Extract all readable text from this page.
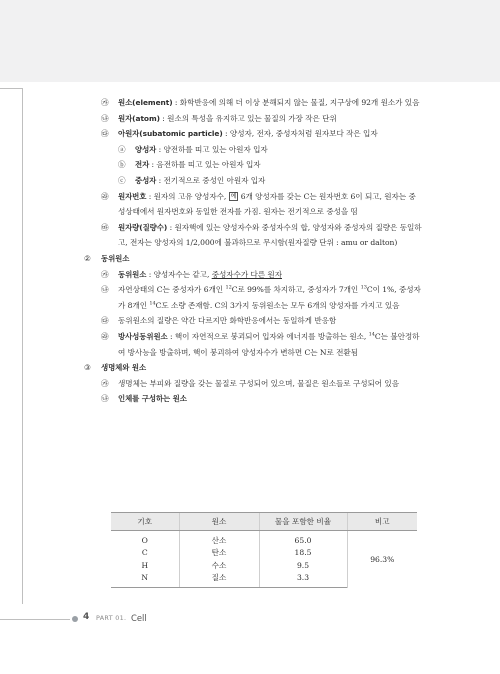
㉮	원소(element) : 화학반응에 의해 더 이상 분해되지 않는 물질, 지구상에 92개 원소가 있음
㉯	원자(atom) : 원소의 특성을 유지하고 있는 물질의 가장 작은 단위
㉰	아원자(subatomic particle) : 양성자, 전자, 중성자처럼 원자보다 작은 입자
ⓐ	양성자 : 양전하를 띠고 있는 아원자 입자
ⓑ	전자 : 음전하를 띠고 있는 아원자 입자
ⓒ	중성자 : 전기적으로 중성인 아원자 입자
㉱	원자번호 : 원자의 고유 양성자수, 예 6개 양성자를 갖는 C는 원자번호 6이 되고, 원자는 중성상태에서 원자번호와 동일한 전자를 가짐. 원자는 전기적으로 중성을 띰
㉲	원자량(질량수) : 원자핵에 있는 양성자수와 중성자수의 합, 양성자와 중성자의 질량은 동일하고, 전자는 양성자의 1/2,000에 불과하므로 무시함(원자질량 단위 : amu or dalton)
②	동위원소
㉮	동위원소 : 양성자수는 같고, 중성자수가 다른 원자
㉯	자연상태의 C는 중성자가 6개인 $^{12}$C로 99%를 차지하고, 중성자가 7개인 $^{13}$C이 1%, 중성자가 8개인 $^{14}$C도 소량 존재함. C의 3가지 동위원소는 모두 6개의 양성자를 가지고 있음
㉰	동위원소의 질량은 약간 다르지만 화학반응에서는 동일하게 반응함
㉱	방사성동위원소 : 핵이 자연적으로 붕괴되어 입자와 에너지를 방출하는 원소, $^{14}$C는 불안정하여 방사능을 방출하며, 핵이 붕괴하여 양성자수가 변하면 C는 N로 전환됨
③	생명체와 원소
㉮	생명체는 부피와 질량을 갖는 물질로 구성되어 있으며, 물질은 원소들로 구성되어 있음
㉯	인체를 구성하는 원소
기호	원소	물을 포함한 비율	비고
O	산소	65.0	96.3%
C	탄소	18.5	
H	수소	9.5	
N	질소	3.3	
4 PART 01. Cell
